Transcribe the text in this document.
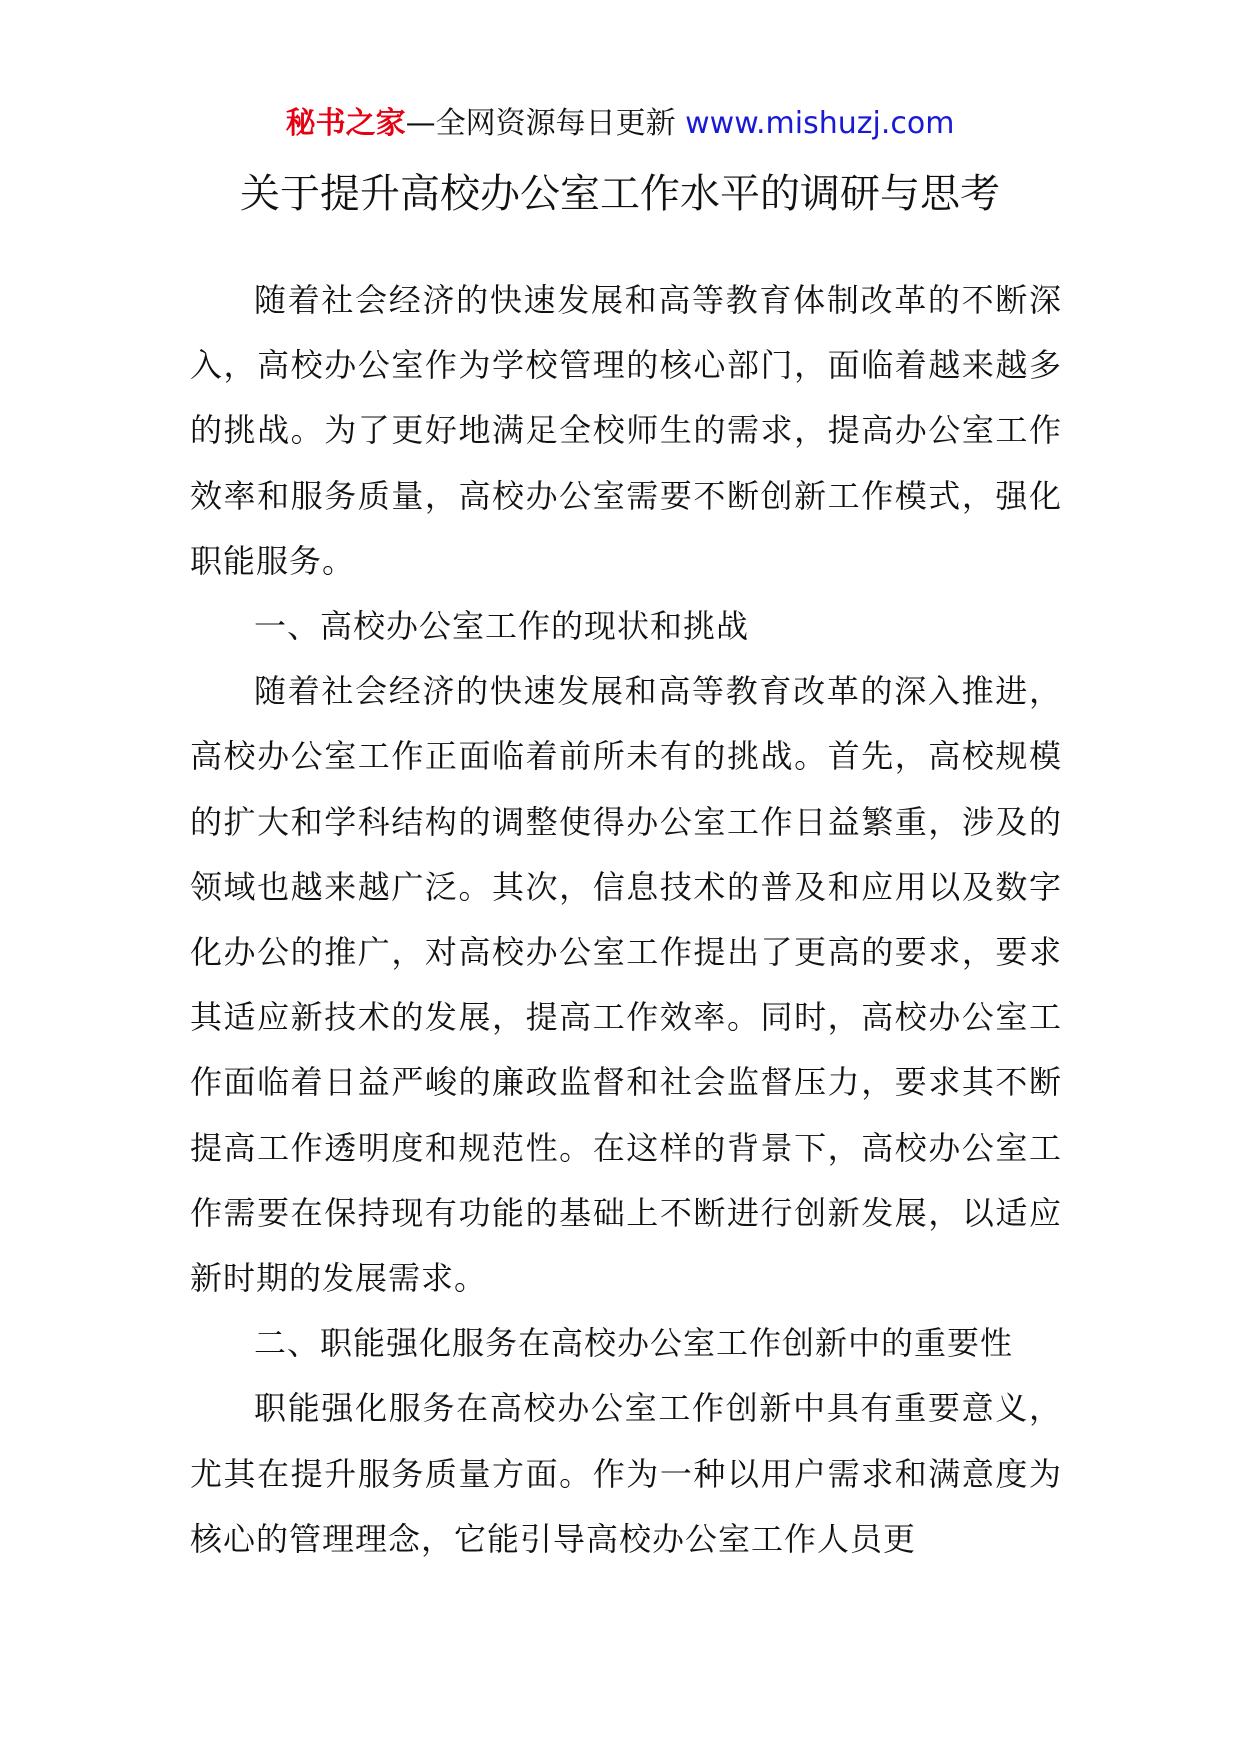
秘书之家—全网资源每日更新 www.mishuzj.com
关于提升高校办公室工作水平的调研与思考

随着社会经济的快速发展和高等教育体制改革的不断深入，高校办公室作为学校管理的核心部门，面临着越来越多的挑战。为了更好地满足全校师生的需求，提高办公室工作效率和服务质量，高校办公室需要不断创新工作模式，强化职能服务。

一、高校办公室工作的现状和挑战

随着社会经济的快速发展和高等教育改革的深入推进，高校办公室工作正面临着前所未有的挑战。首先，高校规模的扩大和学科结构的调整使得办公室工作日益繁重，涉及的领域也越来越广泛。其次，信息技术的普及和应用以及数字化办公的推广，对高校办公室工作提出了更高的要求，要求其适应新技术的发展，提高工作效率。同时，高校办公室工作面临着日益严峻的廉政监督和社会监督压力，要求其不断提高工作透明度和规范性。在这样的背景下，高校办公室工作需要在保持现有功能的基础上不断进行创新发展，以适应新时期的发展需求。

二、职能强化服务在高校办公室工作创新中的重要性

职能强化服务在高校办公室工作创新中具有重要意义，尤其在提升服务质量方面。作为一种以用户需求和满意度为核心的管理理念，它能引导高校办公室工作人员更
